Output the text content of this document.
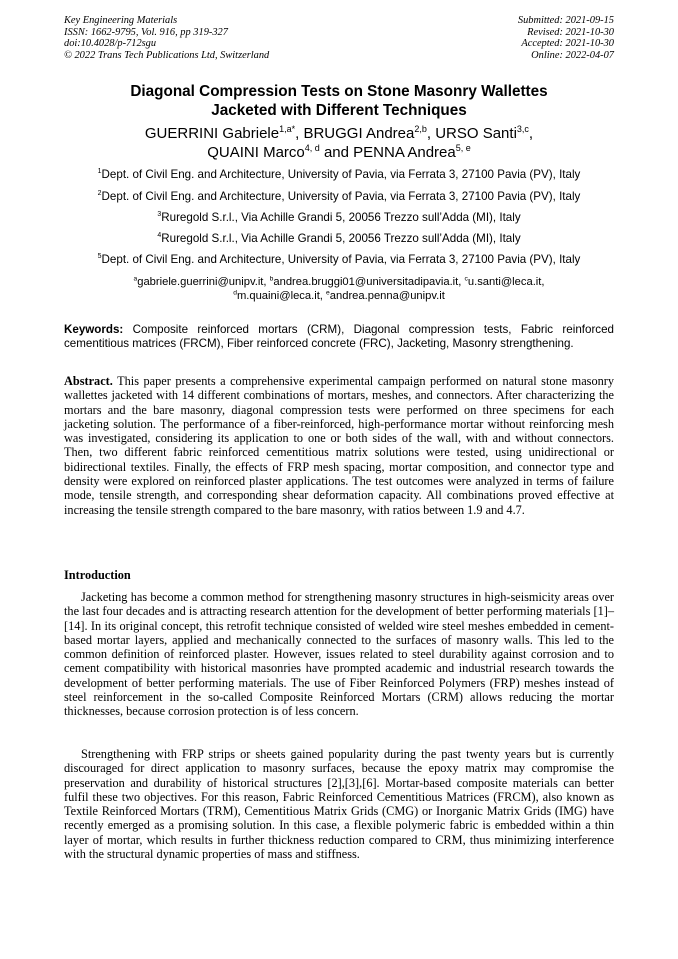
Key Engineering Materials
ISSN: 1662-9795, Vol. 916, pp 319-327
doi:10.4028/p-712sgu
© 2022 Trans Tech Publications Ltd, Switzerland
Submitted: 2021-09-15
Revised: 2021-10-30
Accepted: 2021-10-30
Online: 2022-04-07
Diagonal Compression Tests on Stone Masonry Wallettes
Jacketed with Different Techniques
GUERRINI Gabriele$^{1,a*}$, BRUGGI Andrea$^{2,b}$, URSO Santi$^{3,c}$,
QUAINI Marco$^{4, d}$ and PENNA Andrea$^{5, e}$
$^1$Dept. of Civil Eng. and Architecture, University of Pavia, via Ferrata 3, 27100 Pavia (PV), Italy
$^2$Dept. of Civil Eng. and Architecture, University of Pavia, via Ferrata 3, 27100 Pavia (PV), Italy
$^3$Ruregold S.r.l., Via Achille Grandi 5, 20056 Trezzo sull’Adda (MI), Italy
$^4$Ruregold S.r.l., Via Achille Grandi 5, 20056 Trezzo sull’Adda (MI), Italy
$^5$Dept. of Civil Eng. and Architecture, University of Pavia, via Ferrata 3, 27100 Pavia (PV), Italy
$^a$gabriele.guerrini@unipv.it, $^b$andrea.bruggi01@universitadipavia.it, $^c$u.santi@leca.it,
$^d$m.quaini@leca.it, $^e$andrea.penna@unipv.it
Keywords: Composite reinforced mortars (CRM), Diagonal compression tests, Fabric reinforced cementitious matrices (FRCM), Fiber reinforced concrete (FRC), Jacketing, Masonry strengthening.
Abstract. This paper presents a comprehensive experimental campaign performed on natural stone masonry wallettes jacketed with 14 different combinations of mortars, meshes, and connectors. After characterizing the mortars and the bare masonry, diagonal compression tests were performed on three specimens for each jacketing solution. The performance of a fiber-reinforced, high-performance mortar without reinforcing mesh was investigated, considering its application to one or both sides of the wall, with and without connectors. Then, two different fabric reinforced cementitious matrix solutions were tested, using unidirectional or bidirectional textiles. Finally, the effects of FRP mesh spacing, mortar composition, and connector type and density were explored on reinforced plaster applications. The test outcomes were analyzed in terms of failure mode, tensile strength, and corresponding shear deformation capacity. All combinations proved effective at increasing the tensile strength compared to the bare masonry, with ratios between 1.9 and 4.7.
Introduction
Jacketing has become a common method for strengthening masonry structures in high-seismicity areas over the last four decades and is attracting research attention for the development of better performing materials [1]–[14]. In its original concept, this retrofit technique consisted of welded wire steel meshes embedded in cement-based mortar layers, applied and mechanically connected to the surfaces of masonry walls. This led to the common definition of reinforced plaster. However, issues related to steel durability against corrosion and to cement compatibility with historical masonries have prompted academic and industrial research towards the development of better performing materials. The use of Fiber Reinforced Polymers (FRP) meshes instead of steel reinforcement in the so-called Composite Reinforced Mortars (CRM) allows reducing the mortar thicknesses, because corrosion protection is of less concern.
Strengthening with FRP strips or sheets gained popularity during the past twenty years but is currently discouraged for direct application to masonry surfaces, because the epoxy matrix may compromise the preservation and durability of historical structures [2],[3],[6]. Mortar-based composite materials can better fulfil these two objectives. For this reason, Fabric Reinforced Cementitious Matrices (FRCM), also known as Textile Reinforced Mortars (TRM), Cementitious Matrix Grids (CMG) or Inorganic Matrix Grids (IMG) have recently emerged as a promising solution. In this case, a flexible polymeric fabric is embedded within a thin layer of mortar, which results in further thickness reduction compared to CRM, thus minimizing interference with the structural dynamic properties of mass and stiffness.
